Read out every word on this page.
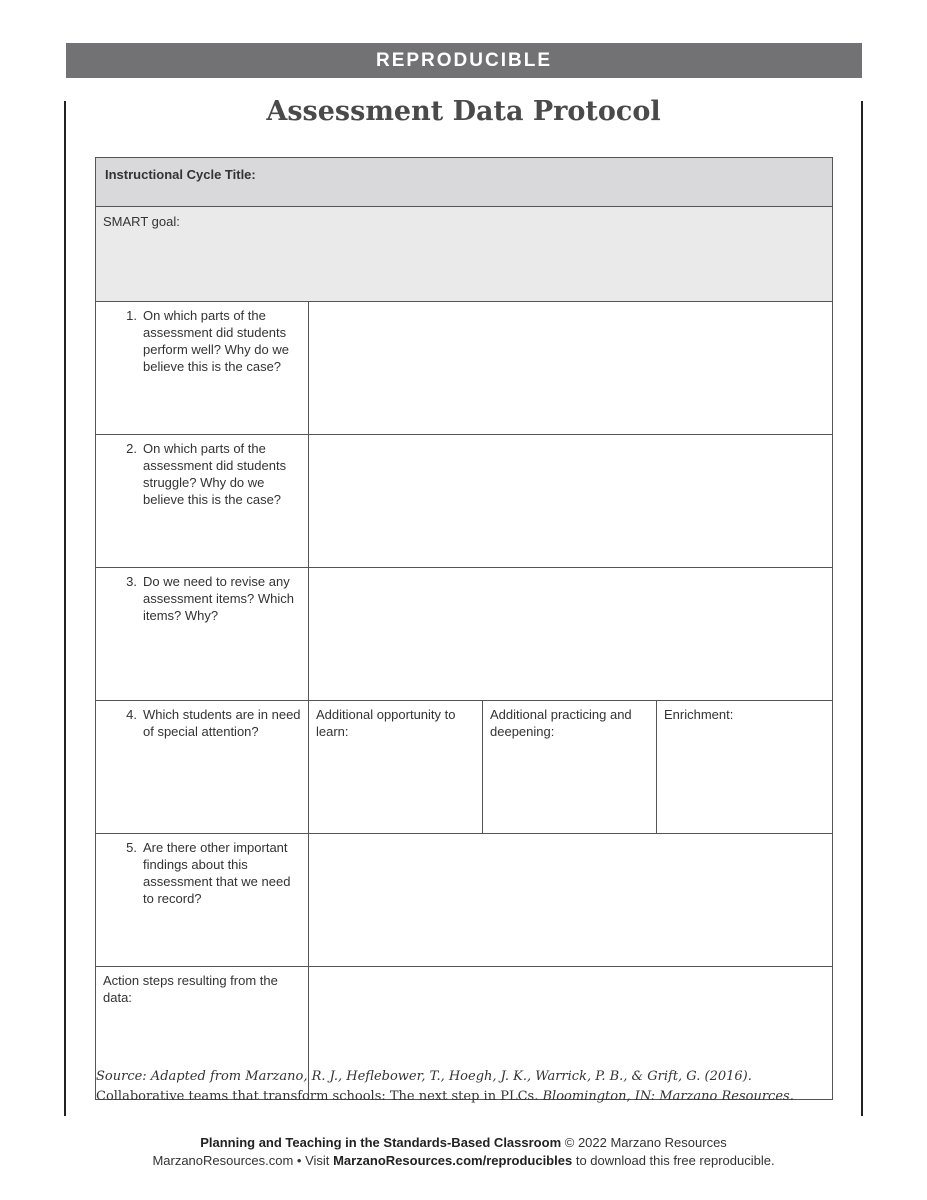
REPRODUCIBLE
Assessment Data Protocol
Instructional Cycle Title:			
SMART goal:			

1. On which parts of the assessment did students perform well? Why do we believe this is the case?			

2. On which parts of the assessment did students struggle? Why do we believe this is the case?			

3. Do we need to revise any assessment items? Which items? Why?			

4. Which students are in need of special attention?	Additional opportunity to learn:	Additional practicing and deepening:	Enrichment:

5. Are there other important findings about this assessment that we need to record?			

Action steps resulting from the data:			
Source: Adapted from Marzano, R. J., Heflebower, T., Hoegh, J. K., Warrick, P. B., & Grift, G. (2016). Collaborative teams that transform schools: The next step in PLCs. Bloomington, IN: Marzano Resources.
Planning and Teaching in the Standards-Based Classroom © 2022 Marzano Resources
MarzanoResources.com • Visit MarzanoResources.com/reproducibles to download this free reproducible.
